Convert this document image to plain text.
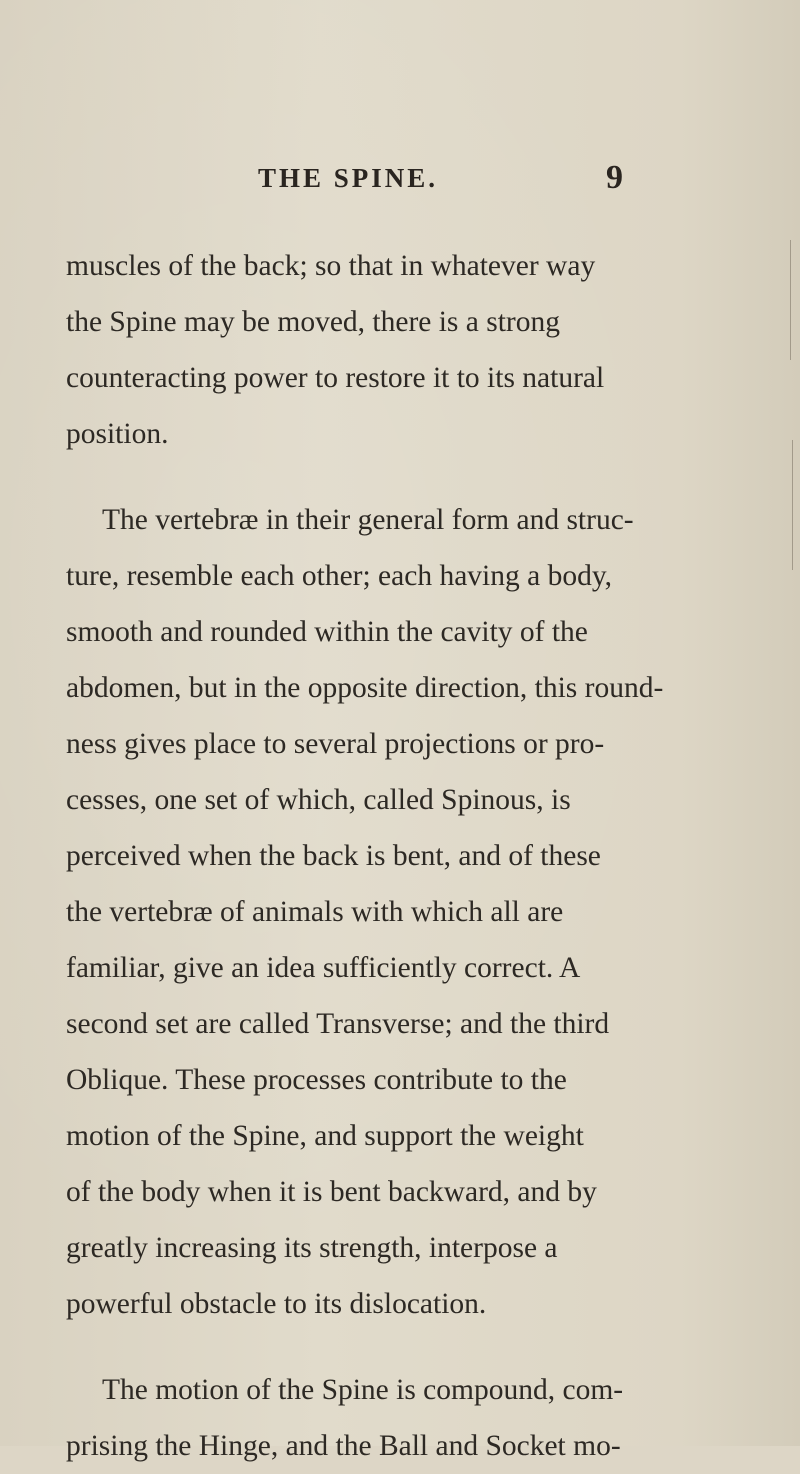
THE SPINE.	9

muscles of the back; so that in whatever way
the Spine may be moved, there is a strong
counteracting power to restore it to its natural
position.

The vertebræ in their general form and struc-
ture, resemble each other; each having a body,
smooth and rounded within the cavity of the
abdomen, but in the opposite direction, this round-
ness gives place to several projections or pro-
cesses, one set of which, called Spinous, is
perceived when the back is bent, and of these
the vertebræ of animals with which all are
familiar, give an idea sufficiently correct. A
second set are called Transverse; and the third
Oblique. These processes contribute to the
motion of the Spine, and support the weight
of the body when it is bent backward, and by
greatly increasing its strength, interpose a
powerful obstacle to its dislocation.

The motion of the Spine is compound, com-
prising the Hinge, and the Ball and Socket mo-
